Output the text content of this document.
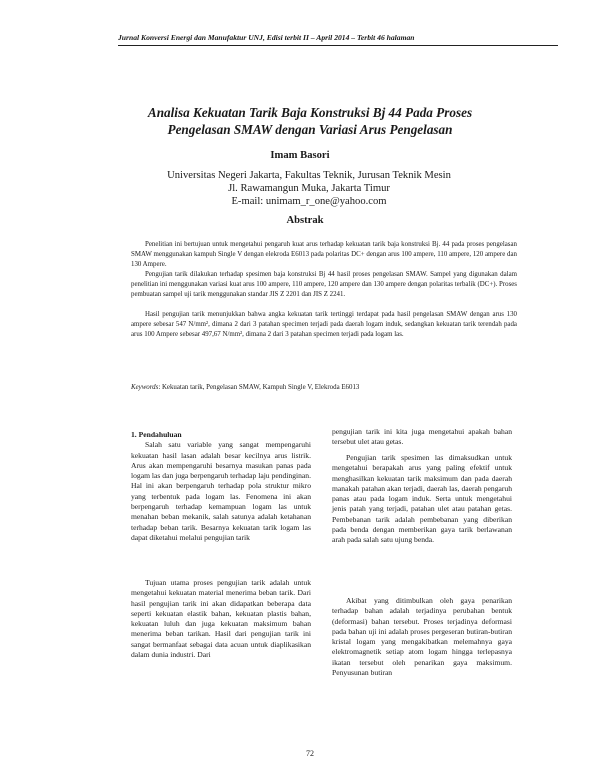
Jurnal Konversi Energi dan Manufaktur UNJ, Edisi terbit II – April 2014 – Terbit 46 halaman
Analisa Kekuatan Tarik Baja Konstruksi Bj 44 Pada Proses
Pengelasan SMAW dengan Variasi Arus Pengelasan
Imam Basori
Universitas Negeri Jakarta, Fakultas Teknik, Jurusan Teknik Mesin
Jl. Rawamangun Muka, Jakarta Timur
E-mail: unimam_r_one@yahoo.com
Abstrak
Penelitian ini bertujuan untuk mengetahui pengaruh kuat arus terhadap kekuatan tarik baja konstruksi Bj. 44 pada proses pengelasan SMAW menggunakan kampuh Single V dengan elekroda E6013 pada polaritas DC+ dengan arus 100 ampere, 110 ampere, 120 ampere dan 130 Ampere.
Pengujian tarik dilakukan terhadap spesimen baja konstruksi Bj 44 hasil proses pengelasan SMAW. Sampel yang digunakan dalam penelitian ini menggunakan variasi kuat arus 100 ampere, 110 ampere, 120 ampere dan 130 ampere dengan polaritas terbalik (DC+). Proses pembuatan sampel uji tarik menggunakan standar JIS Z 2201 dan JIS Z 2241.
Hasil pengujian tarik menunjukkan bahwa angka kekuatan tarik tertinggi terdapat pada hasil pengelasan SMAW dengan arus 130 ampere sebesar 547 N/mm², dimana 2 dari 3 patahan specimen terjadi pada daerah logam induk, sedangkan kekuatan tarik terendah pada arus 100 Ampere sebesar 497,67 N/mm², dimana 2 dari 3 patahan specimen terjadi pada logam las.
Keywords: Kekuatan tarik, Pengelasan SMAW, Kampuh Single V, Elekroda E6013
1. Pendahuluan
Salah satu variable yang sangat mempengaruhi kekuatan hasil lasan adalah besar kecilnya arus listrik. Arus akan mempengaruhi besarnya masukan panas pada logam las dan juga berpengaruh terhadap laju pendinginan. Hal ini akan berpengaruh terhadap pola struktur mikro yang terbentuk pada logam las. Fenomena ini akan berpengaruh terhadap kemampuan logam las untuk menahan beban mekanik, salah satunya adalah ketahanan terhadap beban tarik. Besarnya kekuatan tarik logam las dapat diketahui melalui pengujian tarik
Tujuan utama proses pengujian tarik adalah untuk mengetahui kekuatan material menerima beban tarik. Dari hasil pengujian tarik ini akan didapatkan beberapa data seperti kekuatan elastik bahan, kekuatan plastis bahan, kekuatan luluh dan juga kekuatan maksimum bahan menerima beban tarikan. Hasil dari pengujian tarik ini sangat bermanfaat sebagai data acuan untuk diaplikasikan dalam dunia industri. Dari
pengujian tarik ini kita juga mengetahui apakah bahan tersebut ulet atau getas.
Pengujian tarik spesimen las dimaksudkan untuk mengetahui berapakah arus yang paling efektif untuk menghasilkan kekuatan tarik maksimum dan pada daerah manakah patahan akan terjadi, daerah las, daerah pengaruh panas atau pada logam induk. Serta untuk mengetahui jenis patah yang terjadi, patahan ulet atau patahan getas. Pembebanan tarik adalah pembebanan yang diberikan pada benda dengan memberikan gaya tarik berlawanan arah pada salah satu ujung benda.
Akibat yang ditimbulkan oleh gaya penarikan terhadap bahan adalah terjadinya perubahan bentuk (deformasi) bahan tersebut. Proses terjadinya deformasi pada bahan uji ini adalah proses pergeseran butiran-butiran kristal logam yang mengakibatkan melemahnya gaya elektromagnetik setiap atom logam hingga terlepasnya ikatan tersebut oleh penarikan gaya maksimum. Penyusunan butiran
72
